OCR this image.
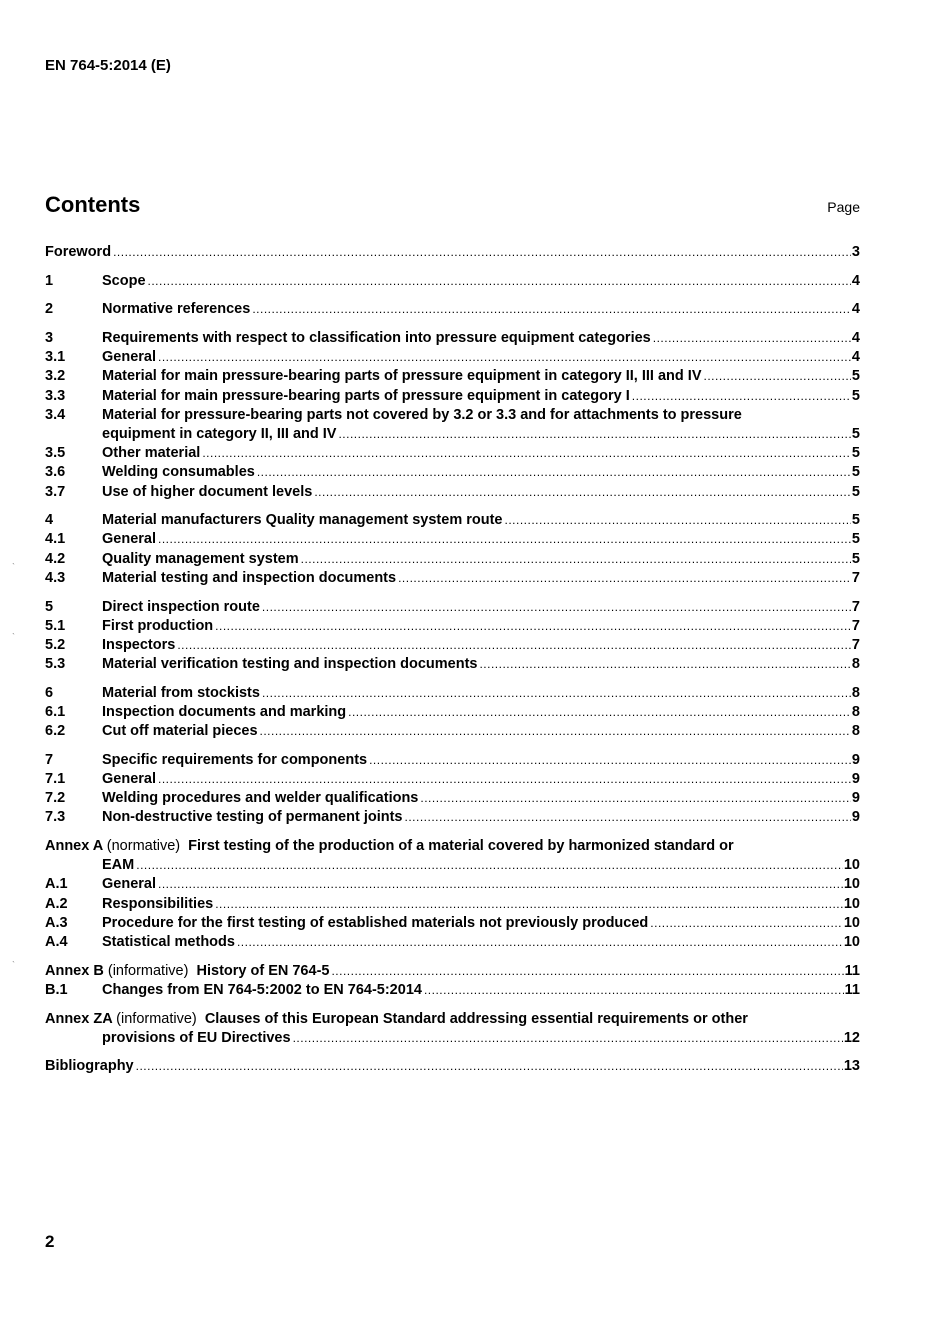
EN 764-5:2014 (E)
Contents	Page
Foreword .....	3
1	Scope .....	4
2	Normative references .....	4
3	Requirements with respect to classification into pressure equipment categories .....	4
3.1	General .....	4
3.2	Material for main pressure-bearing parts of pressure equipment in category II, III and IV .....	5
3.3	Material for main pressure-bearing parts of pressure equipment in category I .....	5
3.4	Material for pressure-bearing parts not covered by 3.2 or 3.3 and for attachments to pressure
equipment in category II, III and IV .....	5
3.5	Other material .....	5
3.6	Welding consumables .....	5
3.7	Use of higher document levels .....	5
4	Material manufacturers Quality management system route .....	5
4.1	General .....	5
4.2	Quality management system .....	5
4.3	Material testing and inspection documents .....	7
5	Direct inspection route .....	7
5.1	First production .....	7
5.2	Inspectors .....	7
5.3	Material verification testing and inspection documents .....	8
6	Material from stockists .....	8
6.1	Inspection documents and marking .....	8
6.2	Cut off material pieces .....	8
7	Specific requirements for components .....	9
7.1	General .....	9
7.2	Welding procedures and welder qualifications .....	9
7.3	Non-destructive testing of permanent joints .....	9
Annex A (normative) First testing of the production of a material covered by harmonized standard or
EAM .....	10
A.1 General .....	10
A.2 Responsibilities .....	10
A.3 Procedure for the first testing of established materials not previously produced .....	10
A.4 Statistical methods .....	10
Annex B (informative) History of EN 764-5 .....	11
B.1 Changes from EN 764-5:2002 to EN 764-5:2014 .....	11
Annex ZA (informative) Clauses of this European Standard addressing essential requirements or other
provisions of EU Directives .....	12
Bibliography .....	13
`
`
`
2
